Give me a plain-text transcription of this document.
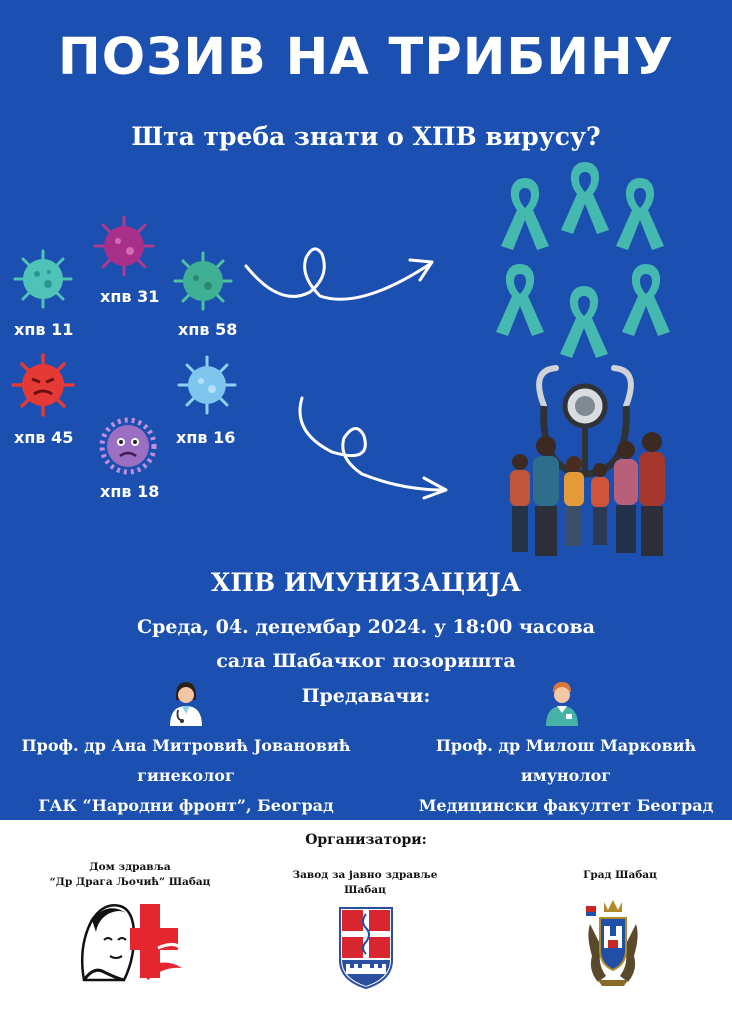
ПОЗИВ НА ТРИБИНУ
Шта треба знати о ХПВ вирусу?
хпв 11
хпв 31
хпв 58
хпв 45	хпв 16
хпв 18
ХПВ ИМУНИЗАЦИЈА
Среда, 04. децембар 2024. у 18:00 часова
сала Шабачког позоришта
Предавачи:
Проф. др Ана Митровић Јовановић
гинеколог
ГАК “Народни фронт”, Београд
Проф. др Милош Марковић
имунолог
Медицински факултет Београд
Организатори:
Дом здравља
“Др Драга Љочић” Шабац
Завод за јавно здравље Шабац
Град Шабац
